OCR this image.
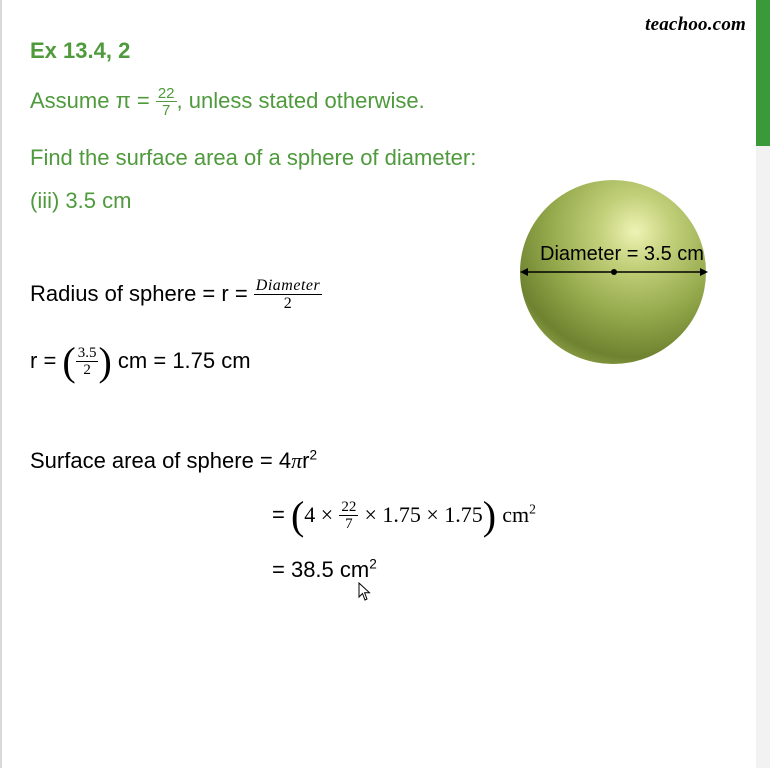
teachoo.com
Ex 13.4, 2
Assume $\pi = \frac{22}{7}$ , unless stated otherwise.
Find the surface area of a sphere of diameter:
(iii) 3.5 cm
Radius of sphere = $r = \frac{\text{Diameter}}{2}$
r = ( $\frac{3.5}{2}$ ) cm = 1.75 cm
Surface area of sphere = $4\pi r^2$
= $(4 \times \frac{22}{7} \times 1.75 \times 1.75)$ $cm^2$
= 38.5 $cm^2$
Diameter = 3.5 cm
